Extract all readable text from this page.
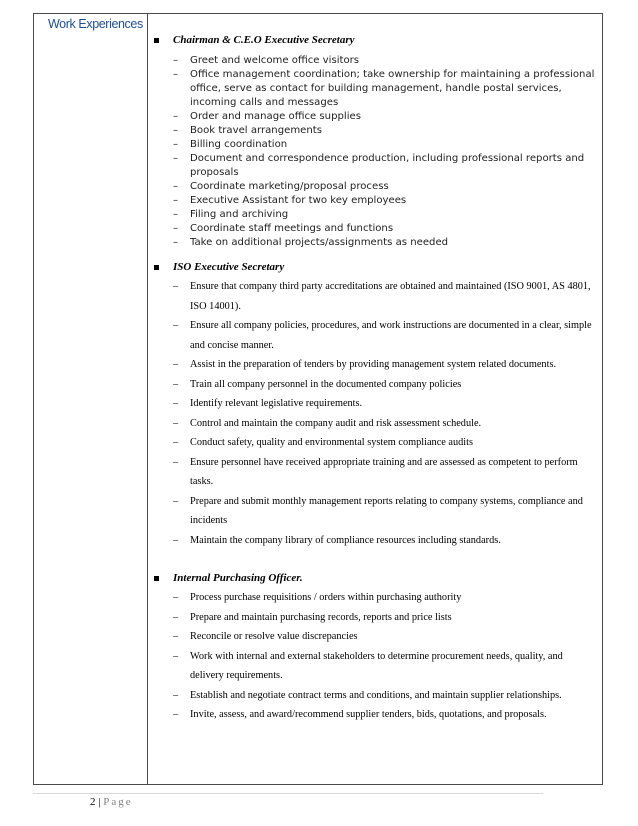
Work Experiences
Chairman & C.E.O Executive Secretary
– Greet and welcome office visitors
– Office management coordination; take ownership for maintaining a professional office, serve as contact for building management, handle postal services, incoming calls and messages
– Order and manage office supplies
– Book travel arrangements
– Billing coordination
– Document and correspondence production, including professional reports and proposals
– Coordinate marketing/proposal process
– Executive Assistant for two key employees
– Filing and archiving
– Coordinate staff meetings and functions
– Take on additional projects/assignments as needed
ISO Executive Secretary
– Ensure that company third party accreditations are obtained and maintained (ISO 9001, AS 4801, ISO 14001).
– Ensure all company policies, procedures, and work instructions are documented in a clear, simple and concise manner.
– Assist in the preparation of tenders by providing management system related documents.
– Train all company personnel in the documented company policies
– Identify relevant legislative requirements.
– Control and maintain the company audit and risk assessment schedule.
– Conduct safety, quality and environmental system compliance audits
– Ensure personnel have received appropriate training and are assessed as competent to perform tasks.
– Prepare and submit monthly management reports relating to company systems, compliance and incidents
– Maintain the company library of compliance resources including standards.
Internal Purchasing Officer.
– Process purchase requisitions / orders within purchasing authority
– Prepare and maintain purchasing records, reports and price lists
– Reconcile or resolve value discrepancies
– Work with internal and external stakeholders to determine procurement needs, quality, and delivery requirements.
– Establish and negotiate contract terms and conditions, and maintain supplier relationships.
– Invite, assess, and award/recommend supplier tenders, bids, quotations, and proposals.
2 | Page
